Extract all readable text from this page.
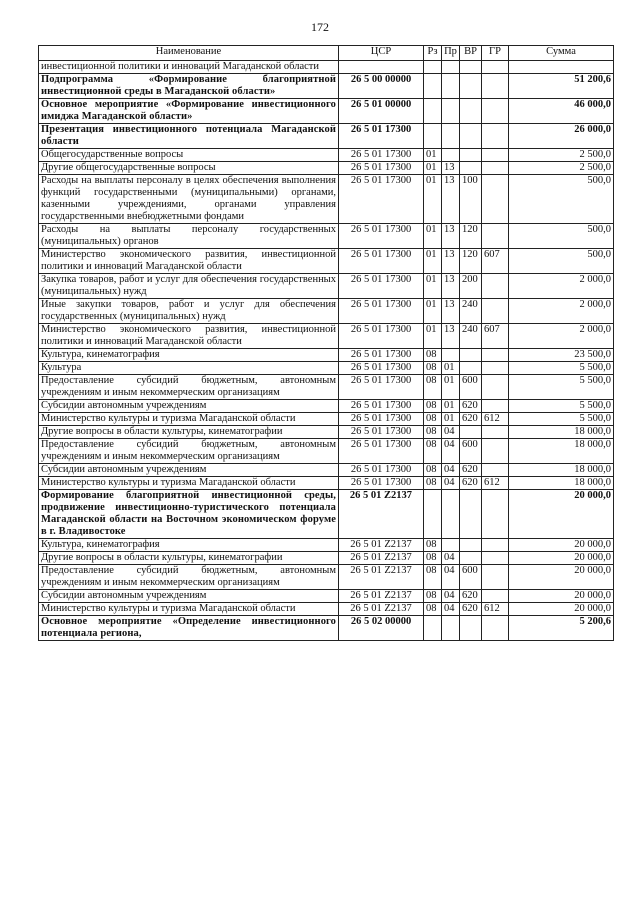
172
Наименование	ЦСР	Рз	Пр	ВР	ГР	Сумма
инвестиционной политики и инноваций Магаданской области						
Подпрограмма «Формирование благоприятной инвестиционной среды в Магаданской области»	26 5 00 00000					51 200,6
Основное мероприятие «Формирование инвестиционного имиджа Магаданской области»	26 5 01 00000					46 000,0
Презентация инвестиционного потенциала Магаданской области	26 5 01 17300					26 000,0
Общегосударственные вопросы	26 5 01 17300	01				2 500,0
Другие общегосударственные вопросы	26 5 01 17300	01	13			2 500,0
Расходы на выплаты персоналу в целях обеспечения выполнения функций государственными (муниципальными) органами, казенными учреждениями, органами управления государственными внебюджетными фондами	26 5 01 17300	01	13	100		500,0
Расходы на выплаты персоналу государственных (муниципальных) органов	26 5 01 17300	01	13	120		500,0
Министерство экономического развития, инвестиционной политики и инноваций Магаданской области	26 5 01 17300	01	13	120	607	500,0
Закупка товаров, работ и услуг для обеспечения государственных (муниципальных) нужд	26 5 01 17300	01	13	200		2 000,0
Иные закупки товаров, работ и услуг для обеспечения государственных (муниципальных) нужд	26 5 01 17300	01	13	240		2 000,0
Министерство экономического развития, инвестиционной политики и инноваций Магаданской области	26 5 01 17300	01	13	240	607	2 000,0
Культура, кинематография	26 5 01 17300	08				23 500,0
Культура	26 5 01 17300	08	01			5 500,0
Предоставление субсидий бюджетным, автономным учреждениям и иным некоммерческим организациям	26 5 01 17300	08	01	600		5 500,0
Субсидии автономным учреждениям	26 5 01 17300	08	01	620		5 500,0
Министерство культуры и туризма Магаданской области	26 5 01 17300	08	01	620	612	5 500,0
Другие вопросы в области культуры, кинематографии	26 5 01 17300	08	04			18 000,0
Предоставление субсидий бюджетным, автономным учреждениям и иным некоммерческим организациям	26 5 01 17300	08	04	600		18 000,0
Субсидии автономным учреждениям	26 5 01 17300	08	04	620		18 000,0
Министерство культуры и туризма Магаданской области	26 5 01 17300	08	04	620	612	18 000,0
Формирование благоприятной инвестиционной среды, продвижение инвестиционно-туристического потенциала Магаданской области на Восточном экономическом форуме в г. Владивостоке	26 5 01 Z2137					20 000,0
Культура, кинематография	26 5 01 Z2137	08				20 000,0
Другие вопросы в области культуры, кинематографии	26 5 01 Z2137	08	04			20 000,0
Предоставление субсидий бюджетным, автономным учреждениям и иным некоммерческим организациям	26 5 01 Z2137	08	04	600		20 000,0
Субсидии автономным учреждениям	26 5 01 Z2137	08	04	620		20 000,0
Министерство культуры и туризма Магаданской области	26 5 01 Z2137	08	04	620	612	20 000,0
Основное мероприятие «Определение инвестиционного потенциала региона,	26 5 02 00000					5 200,6
